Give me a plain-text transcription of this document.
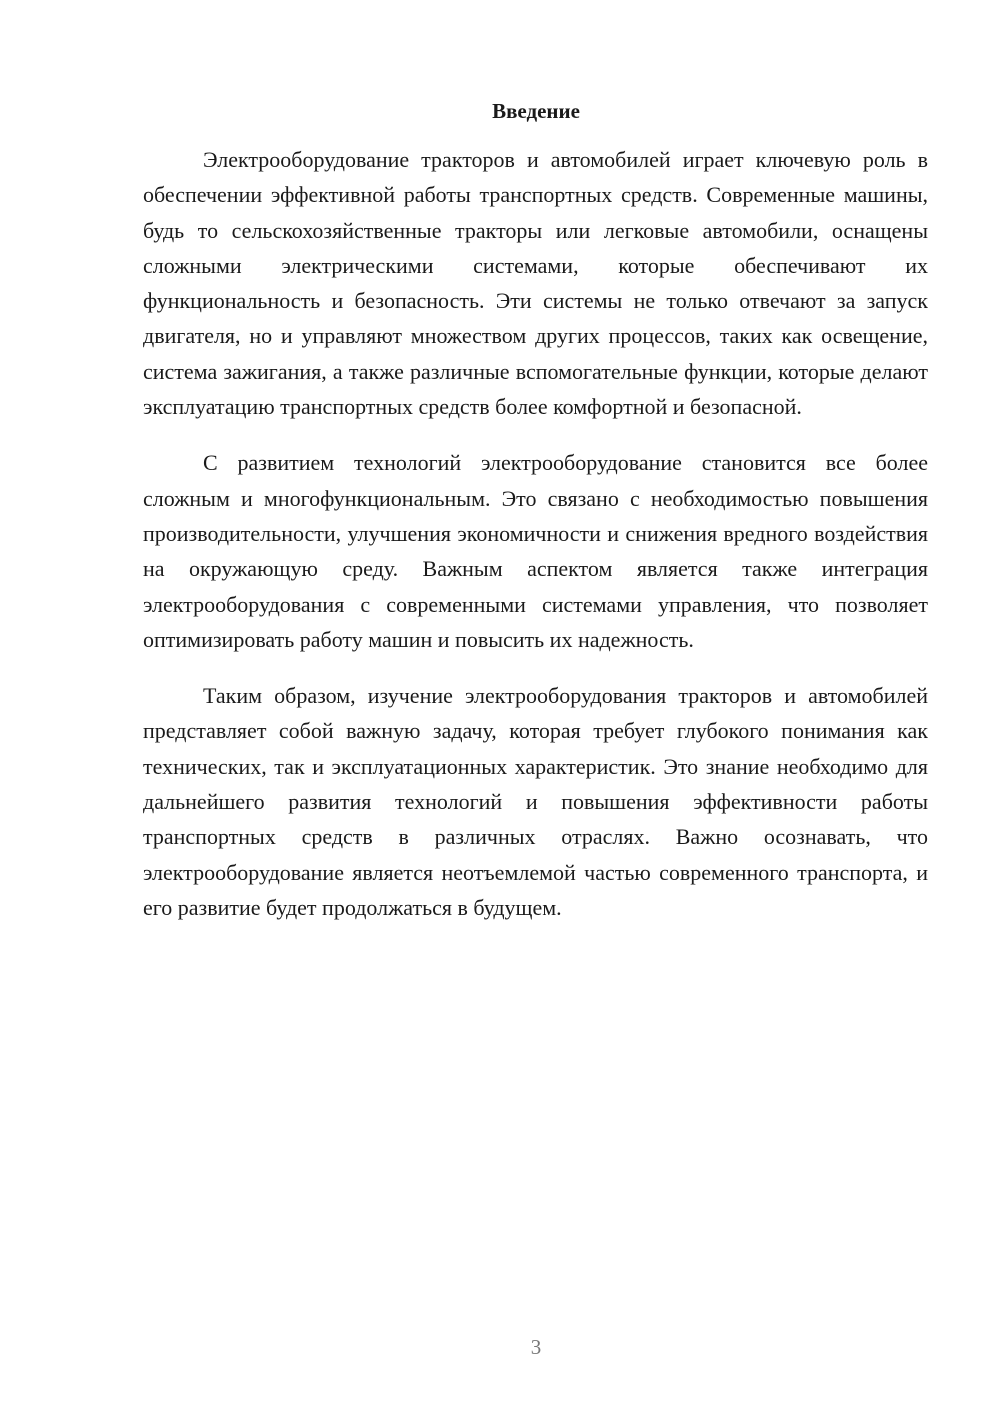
Введение

Электрооборудование тракторов и автомобилей играет ключевую роль в обеспечении эффективной работы транспортных средств. Современные машины, будь то сельскохозяйственные тракторы или легковые автомобили, оснащены сложными электрическими системами, которые обеспечивают их функциональность и безопасность. Эти системы не только отвечают за запуск двигателя, но и управляют множеством других процессов, таких как освещение, система зажигания, а также различные вспомогательные функции, которые делают эксплуатацию транспортных средств более комфортной и безопасной.

С развитием технологий электрооборудование становится все более сложным и многофункциональным. Это связано с необходимостью повышения производительности, улучшения экономичности и снижения вредного воздействия на окружающую среду. Важным аспектом является также интеграция электрооборудования с современными системами управления, что позволяет оптимизировать работу машин и повысить их надежность.

Таким образом, изучение электрооборудования тракторов и автомобилей представляет собой важную задачу, которая требует глубокого понимания как технических, так и эксплуатационных характеристик. Это знание необходимо для дальнейшего развития технологий и повышения эффективности работы транспортных средств в различных отраслях. Важно осознавать, что электрооборудование является неотъемлемой частью современного транспорта, и его развитие будет продолжаться в будущем.

3
